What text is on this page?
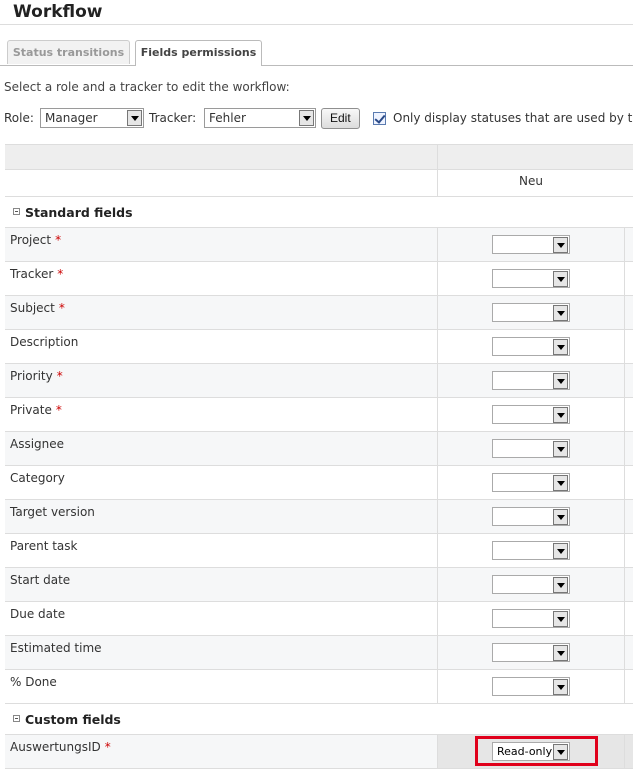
Workflow
Status transitions	Fields permissions
Select a role and a tracker to edit the workflow:
Role: Manager	Tracker:	Fehler	Edit	Only display statuses that are used by t
Neu
Standard fields
Project *
Tracker *
Subject *
Description
Priority *
Private *
Assignee
Category
Target version
Parent task
Start date
Due date
Estimated time
% Done
Custom fields
AuswertungsID *	Read-only
